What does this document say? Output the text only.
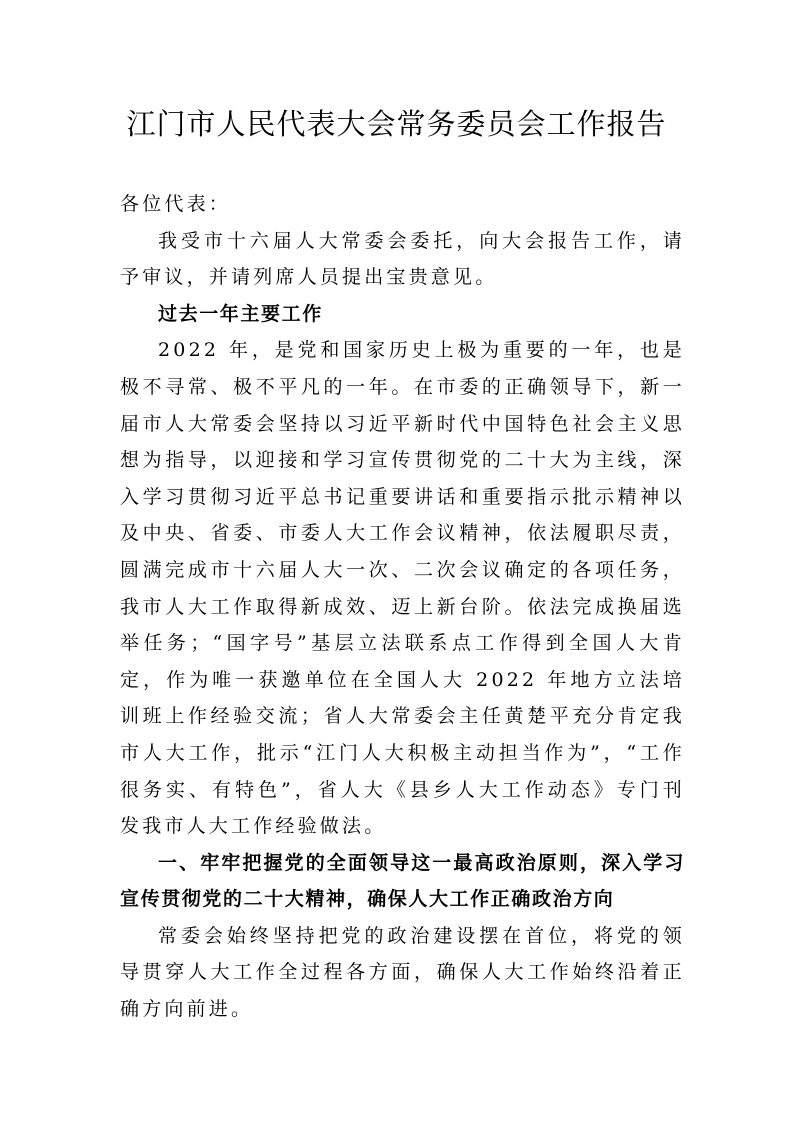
江门市人民代表大会常务委员会工作报告

各位代表：

我受市十六届人大常委会委托，向大会报告工作，请予审议，并请列席人员提出宝贵意见。

过去一年主要工作

2022 年，是党和国家历史上极为重要的一年，也是极不寻常、极不平凡的一年。在市委的正确领导下，新一届市人大常委会坚持以习近平新时代中国特色社会主义思想为指导，以迎接和学习宣传贯彻党的二十大为主线，深入学习贯彻习近平总书记重要讲话和重要指示批示精神以及中央、省委、市委人大工作会议精神，依法履职尽责，圆满完成市十六届人大一次、二次会议确定的各项任务，我市人大工作取得新成效、迈上新台阶。依法完成换届选举任务；“国字号”基层立法联系点工作得到全国人大肯定，作为唯一获邀单位在全国人大 2022 年地方立法培训班上作经验交流；省人大常委会主任黄楚平充分肯定我市人大工作，批示“江门人大积极主动担当作为”，“工作很务实、有特色”，省人大《县乡人大工作动态》专门刊发我市人大工作经验做法。

一、牢牢把握党的全面领导这一最高政治原则，深入学习宣传贯彻党的二十大精神，确保人大工作正确政治方向

常委会始终坚持把党的政治建设摆在首位，将党的领导贯穿人大工作全过程各方面，确保人大工作始终沿着正确方向前进。
